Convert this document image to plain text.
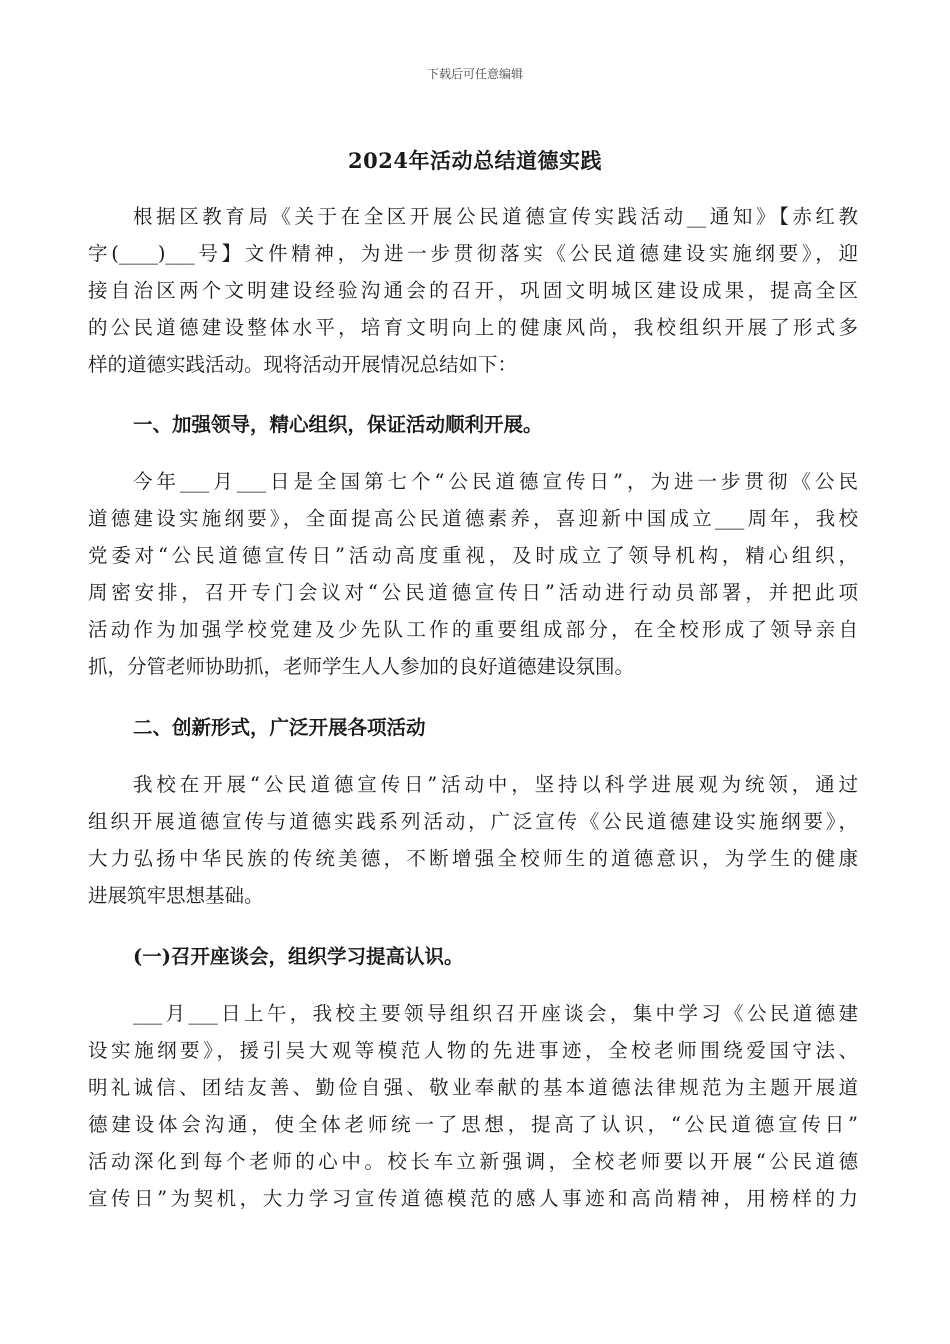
下载后可任意编辑
2024年活动总结道德实践
根据区教育局《关于在全区开展公民道德宣传实践活动__通知》【赤红教
字(____)___号】文件精神，为进一步贯彻落实《公民道德建设实施纲要》，迎
接自治区两个文明建设经验沟通会的召开，巩固文明城区建设成果，提高全区
的公民道德建设整体水平，培育文明向上的健康风尚，我校组织开展了形式多
样的道德实践活动。现将活动开展情况总结如下：
一、加强领导，精心组织，保证活动顺利开展。
今年___月___日是全国第七个“公民道德宣传日”，为进一步贯彻《公民
道德建设实施纲要》，全面提高公民道德素养，喜迎新中国成立___周年，我校
党委对“公民道德宣传日”活动高度重视，及时成立了领导机构，精心组织，
周密安排，召开专门会议对“公民道德宣传日”活动进行动员部署，并把此项
活动作为加强学校党建及少先队工作的重要组成部分，在全校形成了领导亲自
抓，分管老师协助抓，老师学生人人参加的良好道德建设氛围。
二、创新形式，广泛开展各项活动
我校在开展“公民道德宣传日”活动中，坚持以科学进展观为统领，通过
组织开展道德宣传与道德实践系列活动，广泛宣传《公民道德建设实施纲要》，
大力弘扬中华民族的传统美德，不断增强全校师生的道德意识，为学生的健康
进展筑牢思想基础。
(一)召开座谈会，组织学习提高认识。
___月___日上午，我校主要领导组织召开座谈会，集中学习《公民道德建
设实施纲要》，援引吴大观等模范人物的先进事迹，全校老师围绕爱国守法、
明礼诚信、团结友善、勤俭自强、敬业奉献的基本道德法律规范为主题开展道
德建设体会沟通，使全体老师统一了思想，提高了认识，“公民道德宣传日”
活动深化到每个老师的心中。校长车立新强调，全校老师要以开展“公民道德
宣传日”为契机，大力学习宣传道德模范的感人事迹和高尚精神，用榜样的力
